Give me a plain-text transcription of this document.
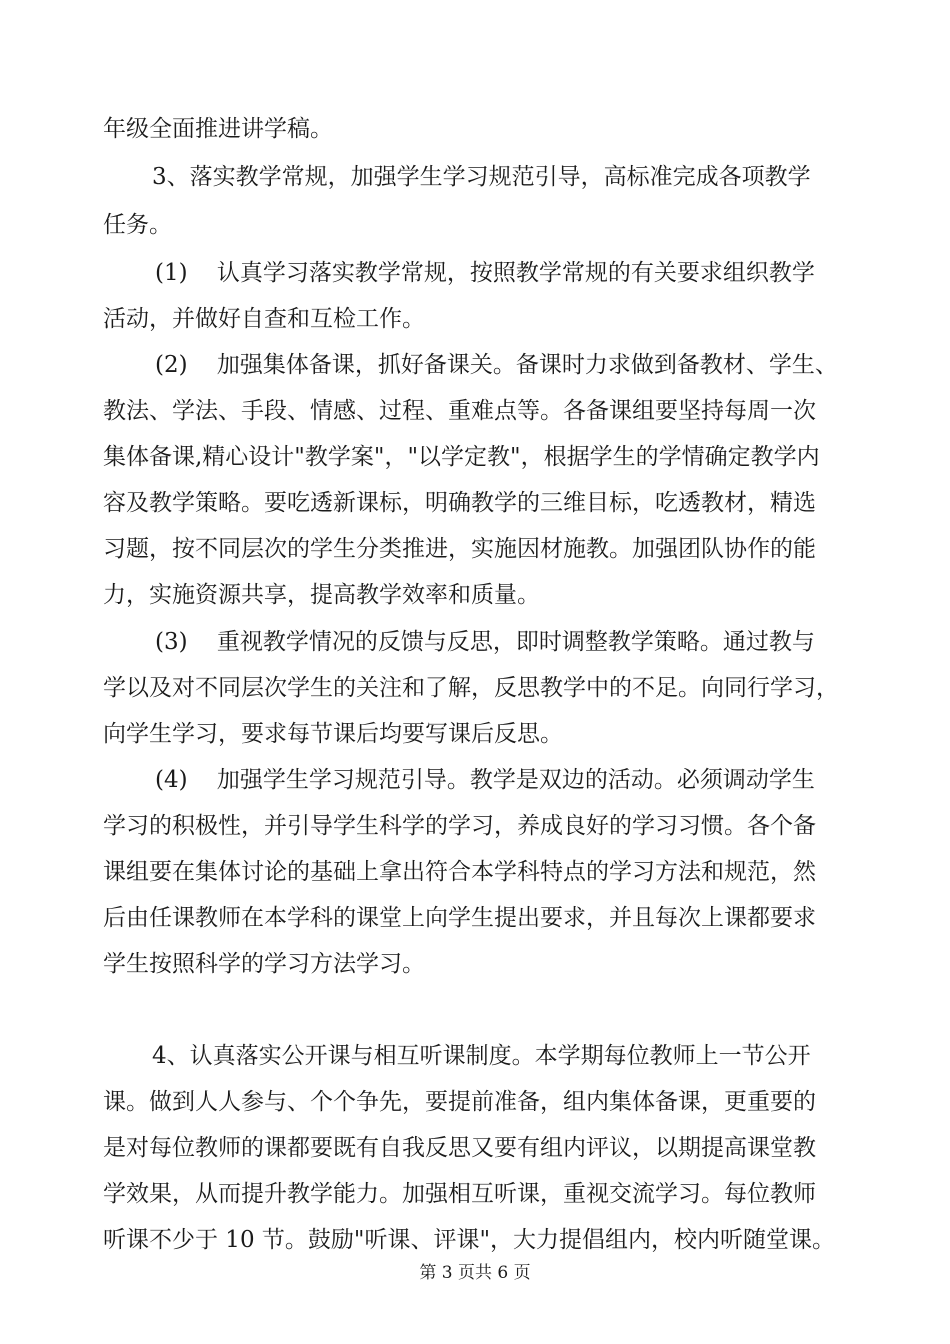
年级全面推进讲学稿。
3、落实教学常规，加强学生学习规范引导，高标准完成各项教学
任务。
(1)    认真学习落实教学常规，按照教学常规的有关要求组织教学
活动，并做好自查和互检工作。
(2)    加强集体备课，抓好备课关。备课时力求做到备教材、学生、
教法、学法、手段、情感、过程、重难点等。各备课组要坚持每周一次
集体备课,精心设计"教学案"，"以学定教"，根据学生的学情确定教学内
容及教学策略。要吃透新课标，明确教学的三维目标，吃透教材，精选
习题，按不同层次的学生分类推进，实施因材施教。加强团队协作的能
力，实施资源共享，提高教学效率和质量。
(3)    重视教学情况的反馈与反思，即时调整教学策略。通过教与
学以及对不同层次学生的关注和了解，反思教学中的不足。向同行学习，
向学生学习，要求每节课后均要写课后反思。
(4)    加强学生学习规范引导。教学是双边的活动。必须调动学生
学习的积极性，并引导学生科学的学习，养成良好的学习习惯。各个备
课组要在集体讨论的基础上拿出符合本学科特点的学习方法和规范，然
后由任课教师在本学科的课堂上向学生提出要求，并且每次上课都要求
学生按照科学的学习方法学习。
4、认真落实公开课与相互听课制度。本学期每位教师上一节公开
课。做到人人参与、个个争先，要提前准备，组内集体备课，更重要的
是对每位教师的课都要既有自我反思又要有组内评议，以期提高课堂教
学效果，从而提升教学能力。加强相互听课，重视交流学习。每位教师
听课不少于 10 节。鼓励"听课、评课"，大力提倡组内，校内听随堂课。
第 3 页共 6 页
